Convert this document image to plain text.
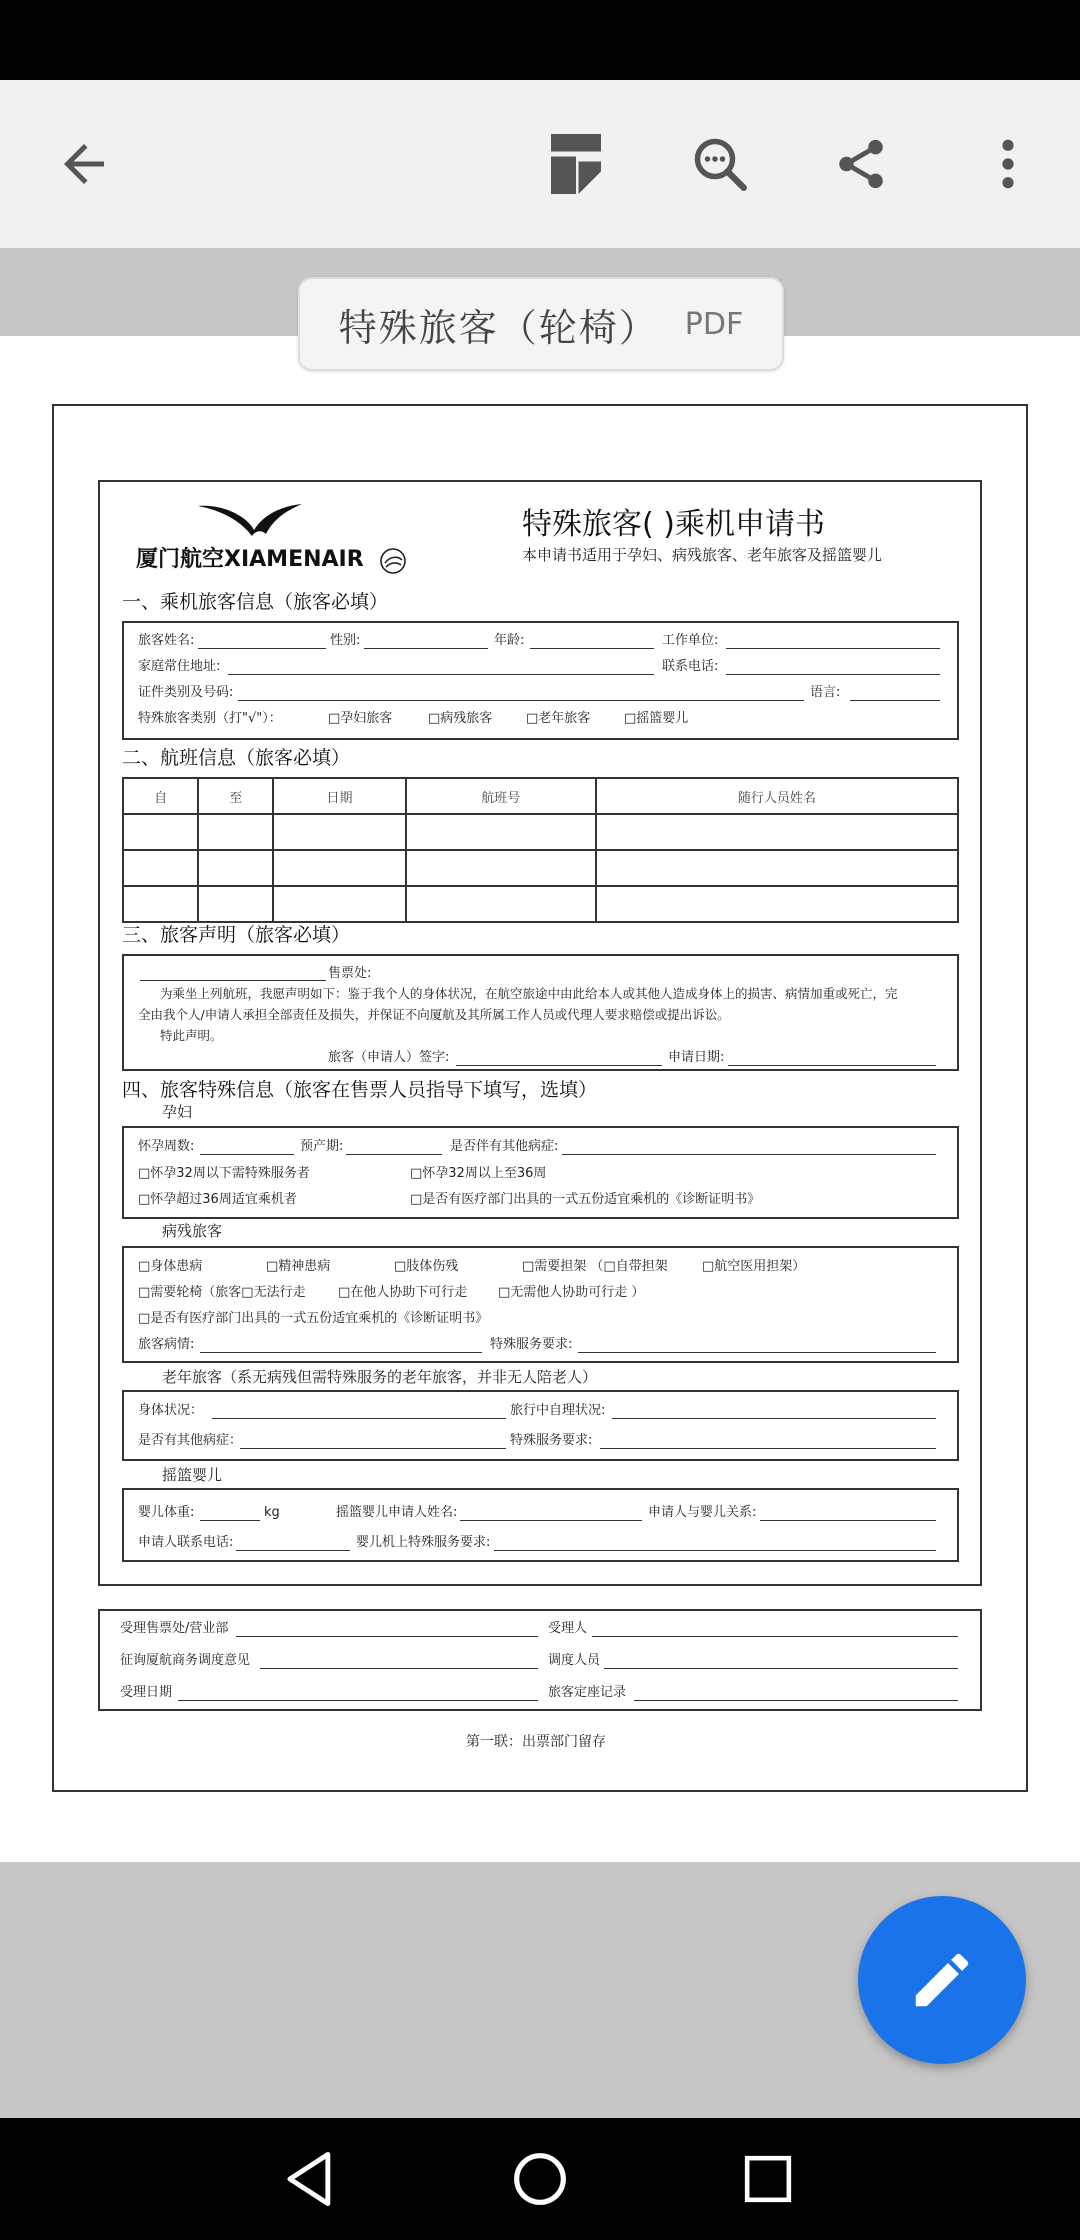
特殊旅客（轮椅） PDF
厦门航空XIAMENAIR
特殊旅客( )乘机申请书
本申请书适用于孕妇、病残旅客、老年旅客及摇篮婴儿
一、乘机旅客信息（旅客必填）
旅客姓名:	性别:	年龄:	工作单位:
家庭常住地址:	联系电话:
证件类别及号码:	语言:
特殊旅客类别（打"√"）：	□孕妇旅客	□病残旅客	□老年旅客	□摇篮婴儿
二、航班信息（旅客必填）
自	至	日期	航班号	随行人员姓名

三、旅客声明（旅客必填）
售票处:
为乘坐上列航班，我愿声明如下：鉴于我个人的身体状况，在航空旅途中由此给本人或其他人造成身体上的损害、病情加重或死亡，完
全由我个人/申请人承担全部责任及损失，并保证不向厦航及其所属工作人员或代理人要求赔偿或提出诉讼。
特此声明。
旅客（申请人）签字:	申请日期:
四、旅客特殊信息（旅客在售票人员指导下填写，选填）
孕妇
怀孕周数:	预产期:	是否伴有其他病症:
□怀孕32周以下需特殊服务者	□怀孕32周以上至36周
□怀孕超过36周适宜乘机者	□是否有医疗部门出具的一式五份适宜乘机的《诊断证明书》
病残旅客
□身体患病	□精神患病	□肢体伤残	□需要担架 （□自带担架	□航空医用担架）
□需要轮椅（旅客□无法行走 □在他人协助下可行走 □无需他人协助可行走 ）
□是否有医疗部门出具的一式五份适宜乘机的《诊断证明书》
旅客病情:	特殊服务要求:
老年旅客（系无病残但需特殊服务的老年旅客，并非无人陪老人）
身体状况：	旅行中自理状况:
是否有其他病症：	特殊服务要求:
摇篮婴儿
婴儿体重:	kg	摇篮婴儿申请人姓名:	申请人与婴儿关系:
申请人联系电话:	婴儿机上特殊服务要求:
受理售票处/营业部	受理人
征询厦航商务调度意见	调度人员
受理日期	旅客定座记录
第一联：出票部门留存
